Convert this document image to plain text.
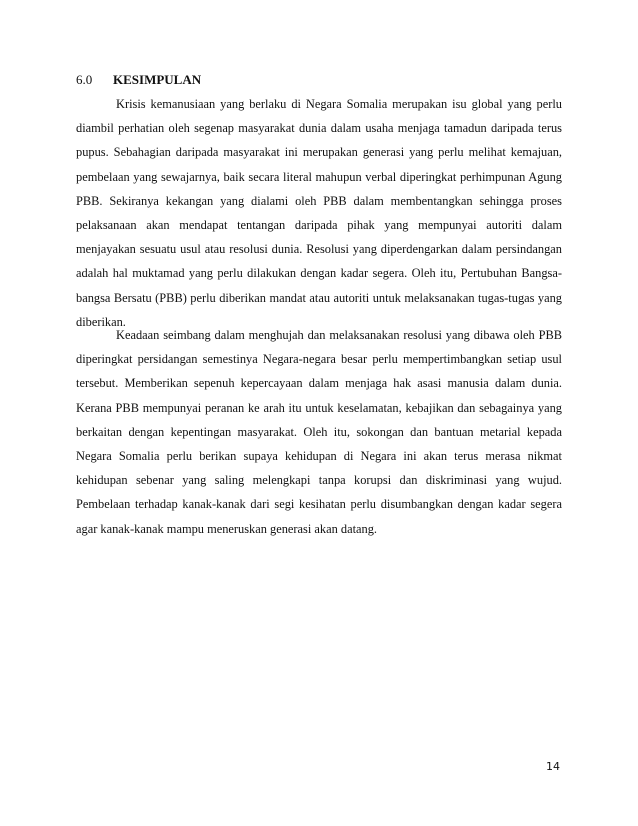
6.0 KESIMPULAN

Krisis kemanusiaan yang berlaku di Negara Somalia merupakan isu global yang perlu diambil perhatian oleh segenap masyarakat dunia dalam usaha menjaga tamadun daripada terus pupus. Sebahagian daripada masyarakat ini merupakan generasi yang perlu melihat kemajuan, pembelaan yang sewajarnya, baik secara literal mahupun verbal diperingkat perhimpunan Agung PBB. Sekiranya kekangan yang dialami oleh PBB dalam membentangkan sehingga proses pelaksanaan akan mendapat tentangan daripada pihak yang mempunyai autoriti dalam menjayakan sesuatu usul atau resolusi dunia. Resolusi yang diperdengarkan dalam persindangan adalah hal muktamad yang perlu dilakukan dengan kadar segera. Oleh itu, Pertubuhan Bangsa-bangsa Bersatu (PBB) perlu diberikan mandat atau autoriti untuk melaksanakan tugas-tugas yang diberikan.

Keadaan seimbang dalam menghujah dan melaksanakan resolusi yang dibawa oleh PBB diperingkat persidangan semestinya Negara-negara besar perlu mempertimbangkan setiap usul tersebut. Memberikan sepenuh kepercayaan dalam menjaga hak asasi manusia dalam dunia. Kerana PBB mempunyai peranan ke arah itu untuk keselamatan, kebajikan dan sebagainya yang berkaitan dengan kepentingan masyarakat. Oleh itu, sokongan dan bantuan metarial kepada Negara Somalia perlu berikan supaya kehidupan di Negara ini akan terus merasa nikmat kehidupan sebenar yang saling melengkapi tanpa korupsi dan diskriminasi yang wujud. Pembelaan terhadap kanak-kanak dari segi kesihatan perlu disumbangkan dengan kadar segera agar kanak-kanak mampu meneruskan generasi akan datang.

14
